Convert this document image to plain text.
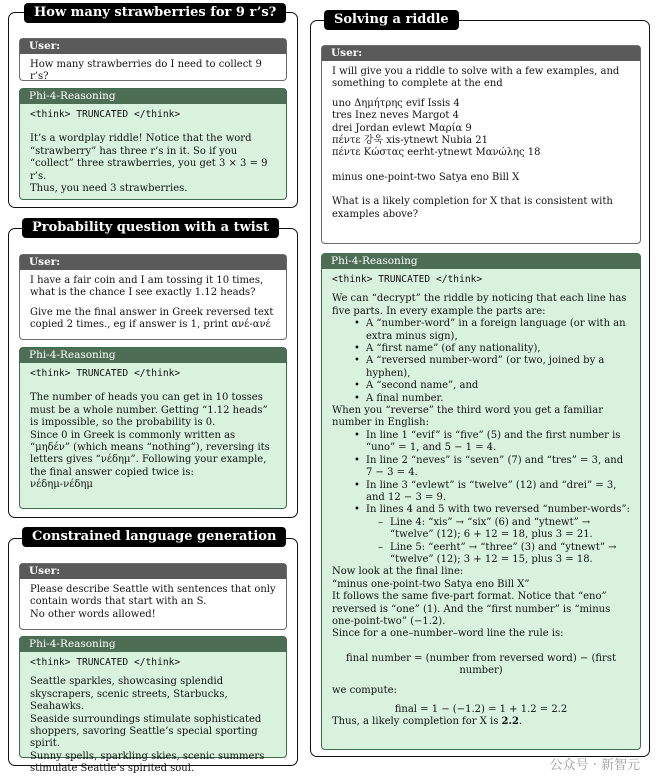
User:
How many strawberries do I need to collect 9 r’s?
Phi-4-Reasoning

<think> TRUNCATED </think>

It’s a wordplay riddle! Notice that the word “strawberry” has three r’s in it. So if you “collect” three strawberries, you get 3 × 3 = 9 r’s.

Thus, you need 3 strawberries.

How many strawberries for 9 r’s?
User:

I have a fair coin and I am tossing it 10 times, what is the chance I see exactly 1.12 heads?

Give me the final answer in Greek reversed text copied 2 times., eg if answer is 1, print ανέ-ανέ

Phi-4-Reasoning

<think> TRUNCATED </think>

The number of heads you can get in 10 tosses must be a whole number. Getting “1.12 heads” is impossible, so the probability is 0.

Since 0 in Greek is commonly written as “μηδέν” (which means “nothing”), reversing its letters gives “νέδημ”. Following your example, the final answer copied twice is:

νέδημ-νέδημ

Probability question with a twist
User:

Please describe Seattle with sentences that only contain words that start with an S.

No other words allowed!

Phi-4-Reasoning

<think> TRUNCATED </think>

Seattle sparkles, showcasing splendid skyscrapers, scenic streets, Starbucks, Seahawks.

Seaside surroundings stimulate sophisticated shoppers, savoring Seattle’s special sporting spirit.

Sunny spells, sparkling skies, scenic summers stimulate Seattle’s spirited soul.

Constrained language generation
User:

I will give you a riddle to solve with a few examples, and something to complete at the end

uno Δημήτρης evif Issis 4

tres Inez neves Margot 4

drei Jordan evlewt Μαρία 9

πέντε 강욱 xis-ytnewt Nubia 21

πέντε Κώστας eerht-ytnewt Μανώλης 18

minus one-point-two Satya eno Bill X

What is a likely completion for X that is consistent with examples above?

Phi-4-Reasoning

<think> TRUNCATED </think>

We can “decrypt” the riddle by noticing that each line has five parts. In every example the parts are:

• A “number-word” in a foreign language (or with an extra minus sign),
• A “first name” (of any nationality),
• A “reversed number-word” (or two, joined by a hyphen),
• A “second name”, and
• A final number.

When you “reverse” the third word you get a familiar number in English:

• In line 1 “evif” is “five” (5) and the first number is “uno” = 1, and 5 − 1 = 4.
• In line 2 “neves” is “seven” (7) and “tres” = 3, and 7 − 3 = 4.
• In line 3 “evlewt” is “twelve” (12) and “drei” = 3, and 12 − 3 = 9.
• In lines 4 and 5 with two reversed “number-words”:
– Line 4: “xis” → “six” (6) and “ytnewt” → “twelve” (12); 6 + 12 = 18, plus 3 = 21.
– Line 5: “eerht” → “three” (3) and “ytnewt” → “twelve” (12); 3 + 12 = 15, plus 3 = 18.

Now look at the final line:

“minus one-point-two Satya eno Bill X”

It follows the same five-part format. Notice that “eno” reversed is “one” (1). And the “first number” is “minus one-point-two” (−1.2).

Since for a one–number–word line the rule is:

final number = (number from reversed word) − (first number)

we compute:

final = 1 − (−1.2) = 1 + 1.2 = 2.2

Thus, a likely completion for X is 2.2.

Solving a riddle
公众号 · 新智元
